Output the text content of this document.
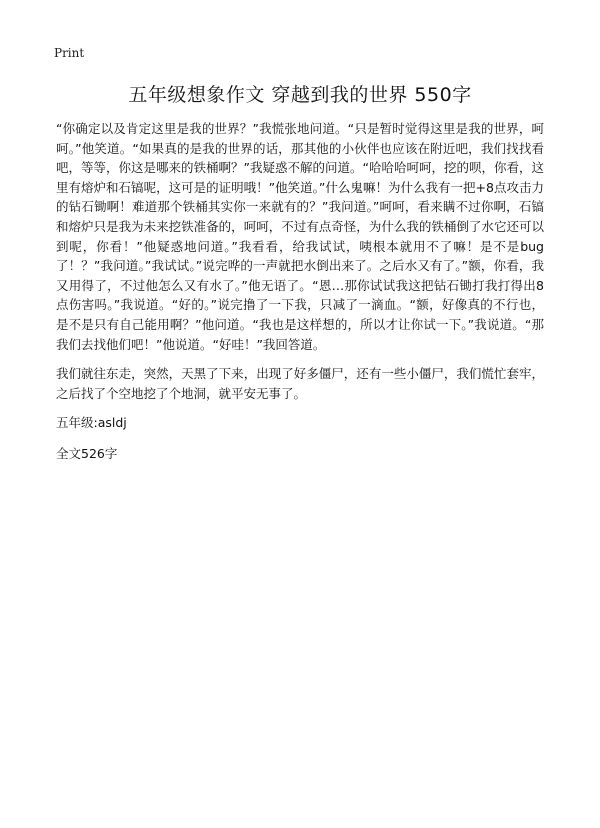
Print
五年级想象作文 穿越到我的世界 550字

“你确定以及肯定这里是我的世界？”我慌张地问道。“只是暂时觉得这里是我的世界，呵呵。”他笑道。“如果真的是我的世界的话，那其他的小伙伴也应该在附近吧，我们找找看吧，等等，你这是哪来的铁桶啊？”我疑惑不解的问道。“哈哈哈呵呵，挖的呗，你看，这里有熔炉和石镐呢，这可是的证明哦！”他笑道。”什么鬼嘛！为什么我有一把+8点攻击力的钻石锄啊！难道那个铁桶其实你一来就有的？”我问道。”呵呵，看来瞒不过你啊，石镐和熔炉只是我为未来挖铁准备的，呵呵，不过有点奇怪，为什么我的铁桶倒了水它还可以到呢，你看！”他疑惑地问道。”我看看，给我试试，咦根本就用不了嘛！是不是bug了！？”我问道。”我试试。”说完哗的一声就把水倒出来了。之后水又有了。”额，你看，我又用得了，不过他怎么又有水了。”他无语了。“恩…那你试试我这把钻石锄打我打得出8点伤害吗。”我说道。“好的。”说完撸了一下我，只减了一滴血。“额，好像真的不行也，是不是只有自己能用啊？”他问道。“我也是这样想的，所以才让你试一下。”我说道。“那我们去找他们吧！”他说道。“好哇！”我回答道。

我们就往东走，突然，天黑了下来，出现了好多僵尸，还有一些小僵尸，我们慌忙套牢，之后找了个空地挖了个地洞，就平安无事了。

五年级:asldj
全文526字
